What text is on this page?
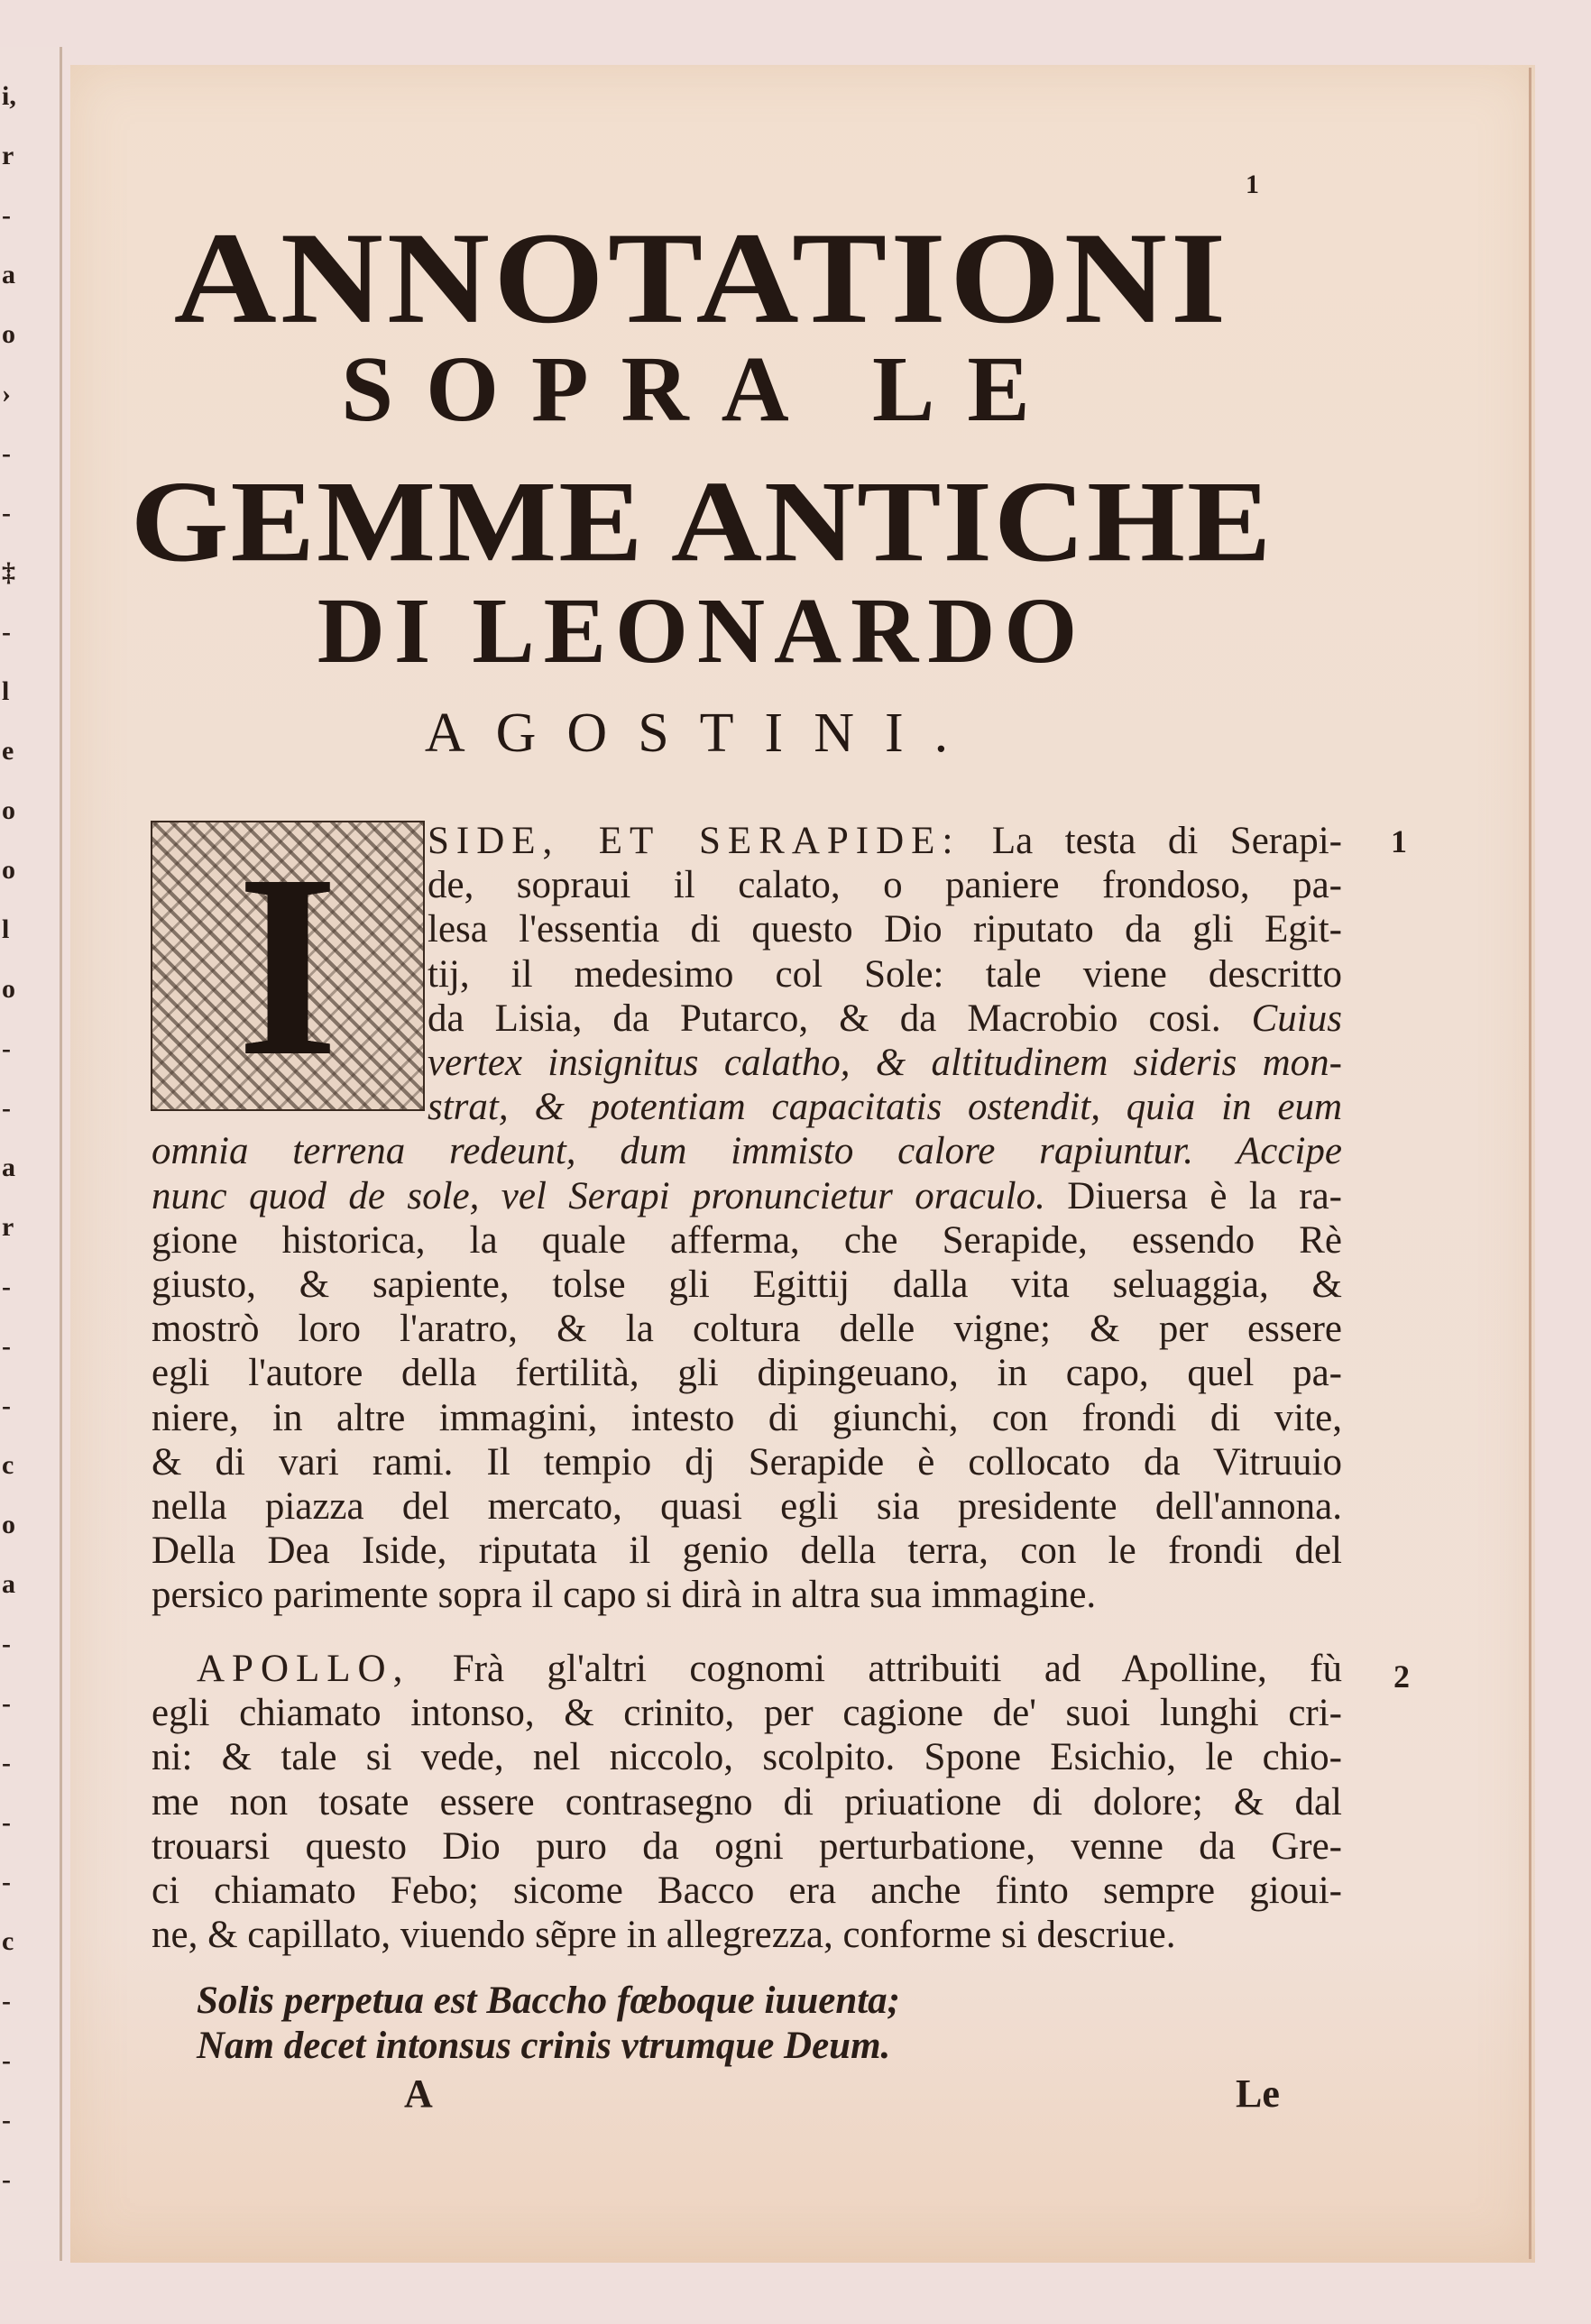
i,
r
-
a
o
›
-
-
‡
-
l
e
o
o
l
o
-
-
a
r
-
-
-
c
o
a
-
-
-
-
-
c
-
-
-
-
1
ANNOTATIONI
SOPRA LE
GEMME ANTICHE
DI LEONARDO
AGOSTINI.
I	SIDE, ET SERAPIDE: La testa di Serapi-
de, sopraui il calato, o paniere frondoso, pa-
lesa l'essentia di questo Dio riputato da gli Egit-
tij, il medesimo col Sole: tale viene descritto
da Lisia, da Putarco, & da Macrobio cosi. Cuius
vertex insignitus calatho, & altitudinem sideris mon-
strat, & potentiam capacitatis ostendit, quia in eum
omnia terrena redeunt, dum immisto calore rapiuntur. Accipe
nunc quod de sole, vel Serapi pronuncietur oraculo. Diuersa è la ra-
gione historica, la quale afferma, che Serapide, essendo Rè
giusto, & sapiente, tolse gli Egittij dalla vita seluaggia, &
mostrò loro l'aratro, & la coltura delle vigne; & per essere
egli l'autore della fertilità, gli dipingeuano, in capo, quel pa-
niere, in altre immagini, intesto di giunchi, con frondi di vite,
& di vari rami. Il tempio dj Serapide è collocato da Vitruuio
nella piazza del mercato, quasi egli sia presidente dell'annona.
Della Dea Iside, riputata il genio della terra, con le frondi del
persico parimente sopra il capo si dirà in altra sua immagine.
1
APOLLO, Frà gl'altri cognomi attribuiti ad Apolline, fù
egli chiamato intonso, & crinito, per cagione de' suoi lunghi cri-
ni: & tale si vede, nel niccolo, scolpito. Spone Esichio, le chio-
me non tosate essere contrasegno di priuatione di dolore; & dal
trouarsi questo Dio puro da ogni perturbatione, venne da Gre-
ci chiamato Febo; sicome Bacco era anche finto sempre gioui-
ne, & capillato, viuendo sẽpre in allegrezza, conforme si descriue.
2
Solis perpetua est Baccho fœboque iuuenta;
Nam decet intonsus crinis vtrumque Deum.
A	Le
